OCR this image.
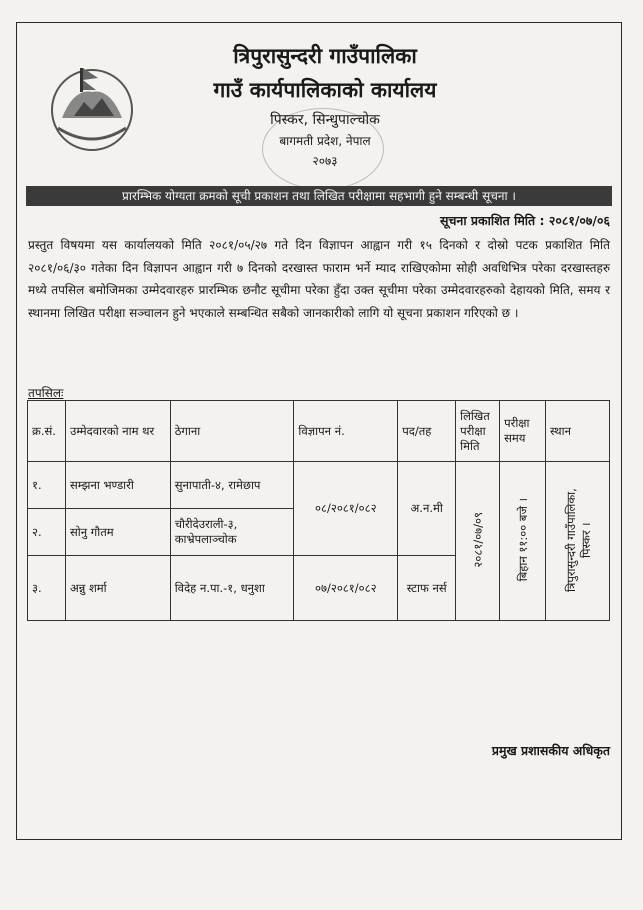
त्रिपुरासुन्दरी गाउँपालिका
गाउँ कार्यपालिकाको कार्यालय
पिस्कर, सिन्धुपाल्चोक
बागमती प्रदेश, नेपाल
२०७३
प्रारम्भिक योग्यता क्रमको सूची प्रकाशन तथा लिखित परीक्षामा सहभागी हुने सम्बन्धी सूचना ।
सूचना प्रकाशित मिति : २०८१/०७/०६
प्रस्तुत विषयमा यस कार्यालयको मिति २०८१/०५/२७ गते दिन विज्ञापन आह्वान गरी १५ दिनको र दोस्रो पटक प्रकाशित मिति २०८१/०६/३० गतेका दिन विज्ञापन आह्वान गरी ७ दिनको दरखास्त फाराम भर्ने म्याद राखिएकोमा सोही अवधिभित्र परेका दरखास्तहरु मध्ये तपसिल बमोजिमका उम्मेदवारहरु प्रारम्भिक छनौट सूचीमा परेका हुँदा उक्त सूचीमा परेका उम्मेदवारहरुको देहायको मिति, समय र स्थानमा लिखित परीक्षा सञ्चालन हुने भएकाले सम्बन्धित सबैको जानकारीको लागि यो सूचना प्रकाशन गरिएको छ ।
तपसिलः
क्र.सं.	उम्मेदवारको नाम थर	ठेगाना	विज्ञापन नं.	पद/तह	लिखित परीक्षा मिति	परीक्षा समय	स्थान
१.	सम्झना भण्डारी	सुनापाती-४, रामेछाप	०८/२०८१/०८२	अ.न.मी	२०८१/०७/०९	बिहान ११:०० बजे ।	त्रिपुरासुन्दरी गाउँपालिका, पिस्कर ।
२.	सोनु गौतम	चौरीदेउराली-३, काभ्रेपलाञ्चोक					
३.	अन्नु शर्मा	विदेह न.पा.-१, धनुशा	०७/२०८१/०८२	स्टाफ नर्स			
प्रमुख प्रशासकीय अधिकृत
